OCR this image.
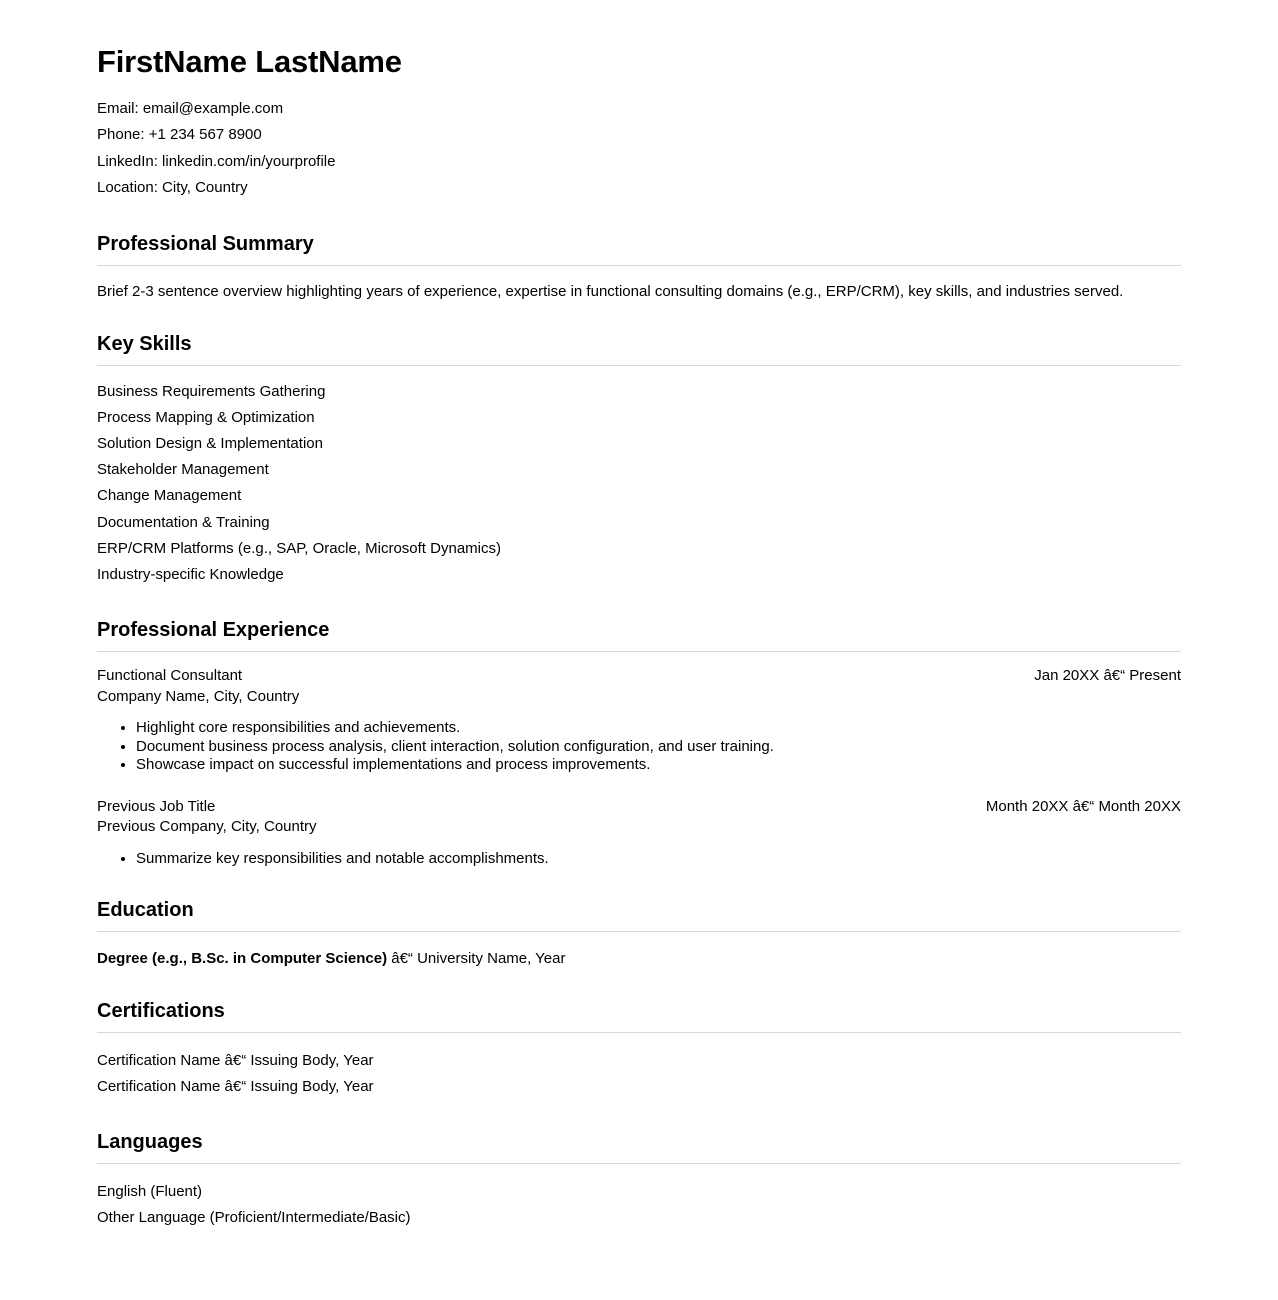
FirstName LastName

Email: email@example.com

Phone: +1 234 567 8900

LinkedIn: linkedin.com/in/yourprofile

Location: City, Country

Professional Summary

Brief 2-3 sentence overview highlighting years of experience, expertise in functional consulting domains (e.g., ERP/CRM), key skills, and industries served.

Key Skills
Business Requirements Gathering
Process Mapping & Optimization
Solution Design & Implementation
Stakeholder Management
Change Management
Documentation & Training
ERP/CRM Platforms (e.g., SAP, Oracle, Microsoft Dynamics)
Industry-specific Knowledge
Professional Experience
Functional Consultant	Jan 20XX â€“ Present
Company Name, City, Country
• Highlight core responsibilities and achievements.
• Document business process analysis, client interaction, solution configuration, and user training.
• Showcase impact on successful implementations and process improvements.
Previous Job Title	Month 20XX â€“ Month 20XX
Previous Company, City, Country
• Summarize key responsibilities and notable accomplishments.
Education

Degree (e.g., B.Sc. in Computer Science) â€“ University Name, Year

Certifications
Certification Name â€“ Issuing Body, Year
Certification Name â€“ Issuing Body, Year
Languages
English (Fluent)
Other Language (Proficient/Intermediate/Basic)
